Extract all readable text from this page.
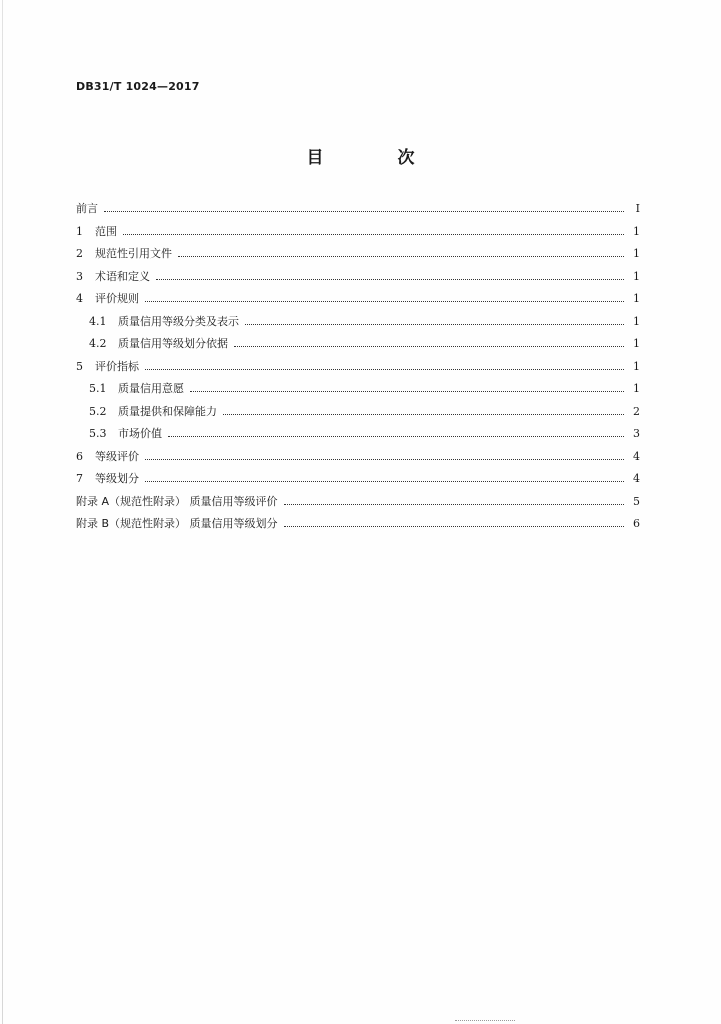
DB31/T 1024—2017
目 次
前言	Ⅰ
1	范围	1
2	规范性引用文件	1
3	术语和定义	1
4	评价规则	1
4.1	质量信用等级分类及表示	1
4.2	质量信用等级划分依据	1
5	评价指标	1
5.1	质量信用意愿	1
5.2	质量提供和保障能力	2
5.3	市场价值	3
6	等级评价	4
7	等级划分	4
附录 A（规范性附录） 质量信用等级评价	5
附录 B（规范性附录） 质量信用等级划分	6
